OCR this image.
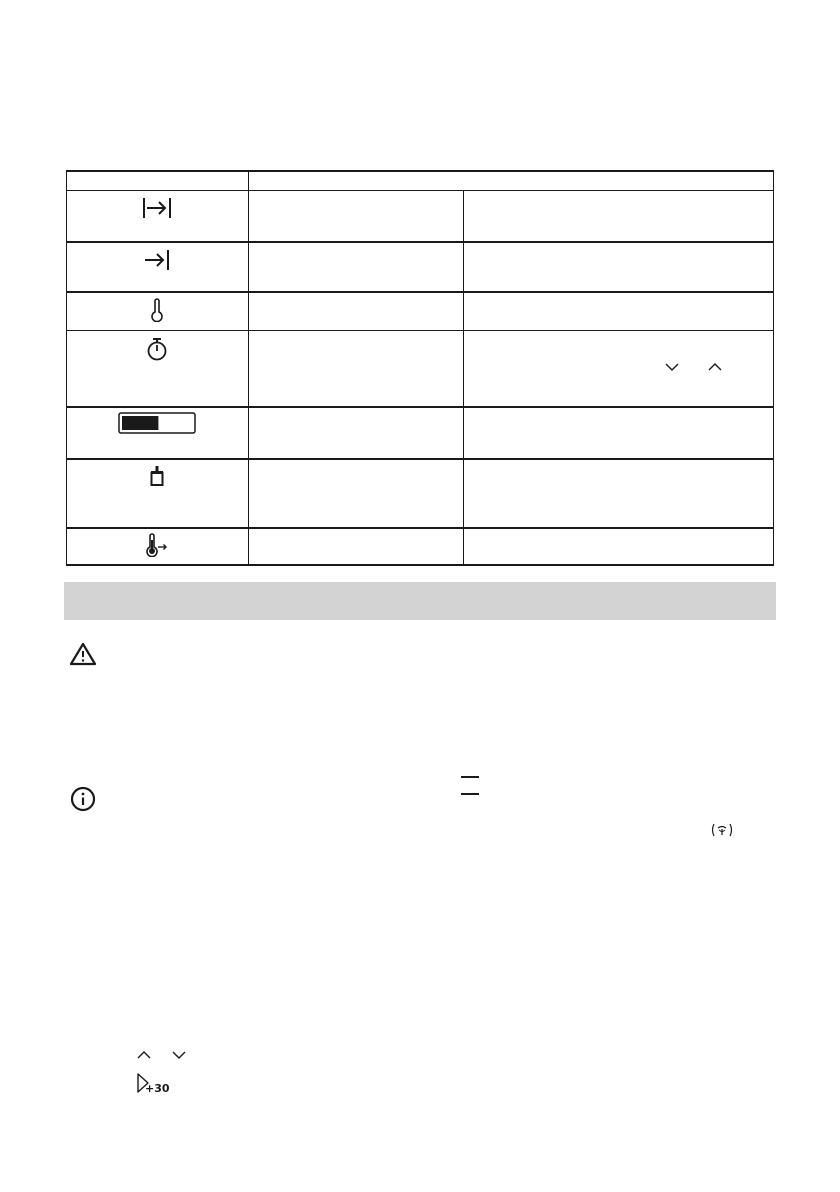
+30
